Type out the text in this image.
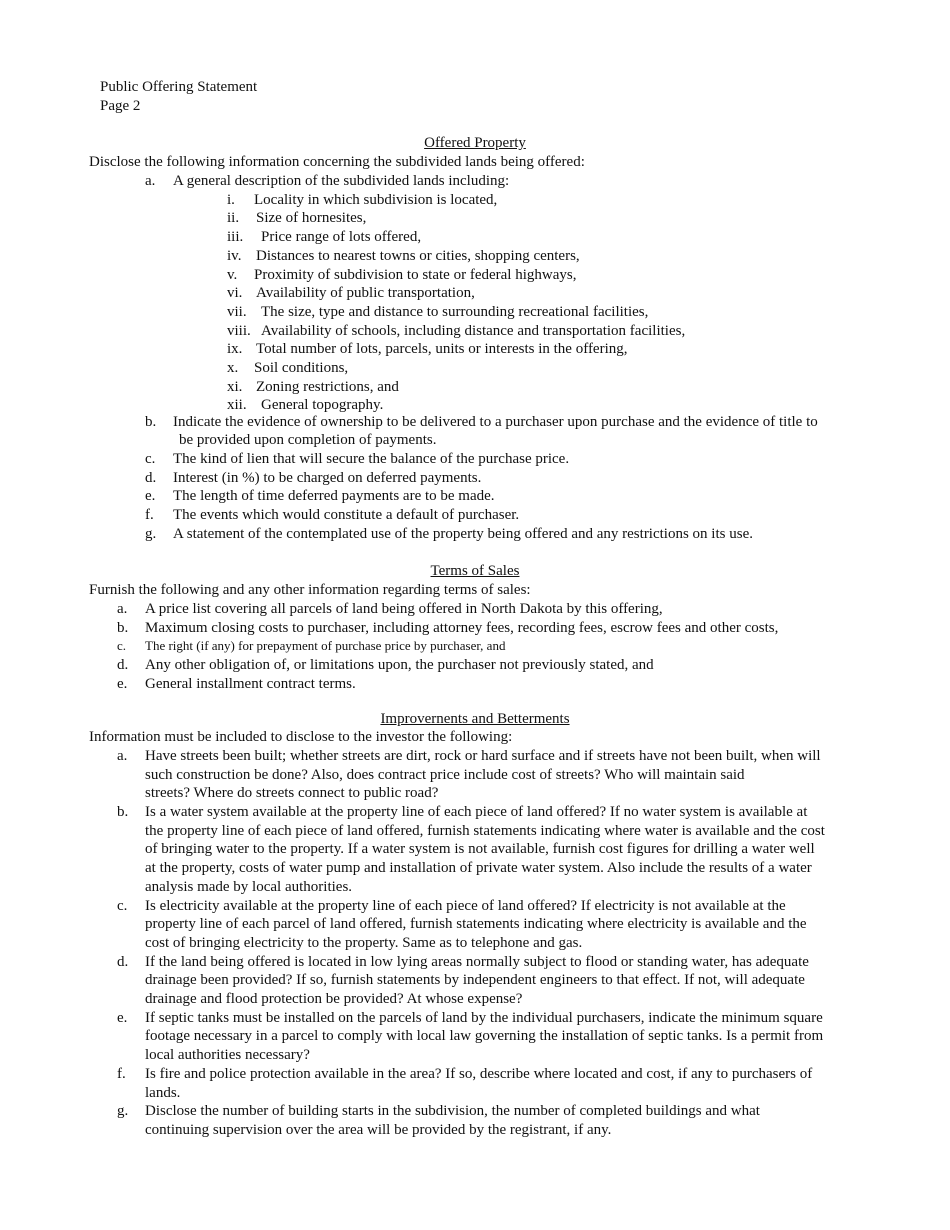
Public Offering Statement
Page 2
Offered Property
Disclose the following information concerning the subdivided lands being offered:
a. A general description of the subdivided lands including:
i. Locality in which subdivision is located,
ii. Size of hornesites,
iii. Price range of lots offered,
iv. Distances to nearest towns or cities, shopping centers,
v. Proximity of subdivision to state or federal highways,
vi. Availability of public transportation,
vii. The size, type and distance to surrounding recreational facilities,
viii. Availability of schools, including distance and transportation facilities,
ix. Total number of lots, parcels, units or interests in the offering,
x. Soil conditions,
xi. Zoning restrictions, and
xii. General topography.
b. Indicate the evidence of ownership to be delivered to a purchaser upon purchase and the evidence of title to
be provided upon completion of payments.
c. The kind of lien that will secure the balance of the purchase price.
d. Interest (in %) to be charged on deferred payments.
e. The length of time deferred payments are to be made.
f. The events which would constitute a default of purchaser.
g. A statement of the contemplated use of the property being offered and any restrictions on its use.
Terms of Sales
Furnish the following and any other information regarding terms of sales:
a. A price list covering all parcels of land being offered in North Dakota by this offering,
b. Maximum closing costs to purchaser, including attorney fees, recording fees, escrow fees and other costs,
c. The right (if any) for prepayment of purchase price by purchaser, and
d. Any other obligation of, or limitations upon, the purchaser not previously stated, and
e. General installment contract terms.
Improvernents and Betterments
Information must be included to disclose to the investor the following:
a. Have streets been built; whether streets are dirt, rock or hard surface and if streets have not been built, when will
such construction be done? Also, does contract price include cost of streets? Who will maintain said
streets? Where do streets connect to public road?
b. Is a water system available at the property line of each piece of land offered? If no water system is available at
the property line of each piece of land offered, furnish statements indicating where water is available and the cost
of bringing water to the property. If a water system is not available, furnish cost figures for drilling a water well
at the property, costs of water pump and installation of private water system. Also include the results of a water
analysis made by local authorities.
c. Is electricity available at the property line of each piece of land offered? If electricity is not available at the
property line of each parcel of land offered, furnish statements indicating where electricity is available and the
cost of bringing electricity to the property. Same as to telephone and gas.
d. If the land being offered is located in low lying areas normally subject to flood or standing water, has adequate
drainage been provided? If so, furnish statements by independent engineers to that effect. If not, will adequate
drainage and flood protection be provided? At whose expense?
e. If septic tanks must be installed on the parcels of land by the individual purchasers, indicate the minimum square
footage necessary in a parcel to comply with local law governing the installation of septic tanks. Is a permit from
local authorities necessary?
f. Is fire and police protection available in the area? If so, describe where located and cost, if any to purchasers of
lands.
g. Disclose the number of building starts in the subdivision, the number of completed buildings and what
continuing supervision over the area will be provided by the registrant, if any.
